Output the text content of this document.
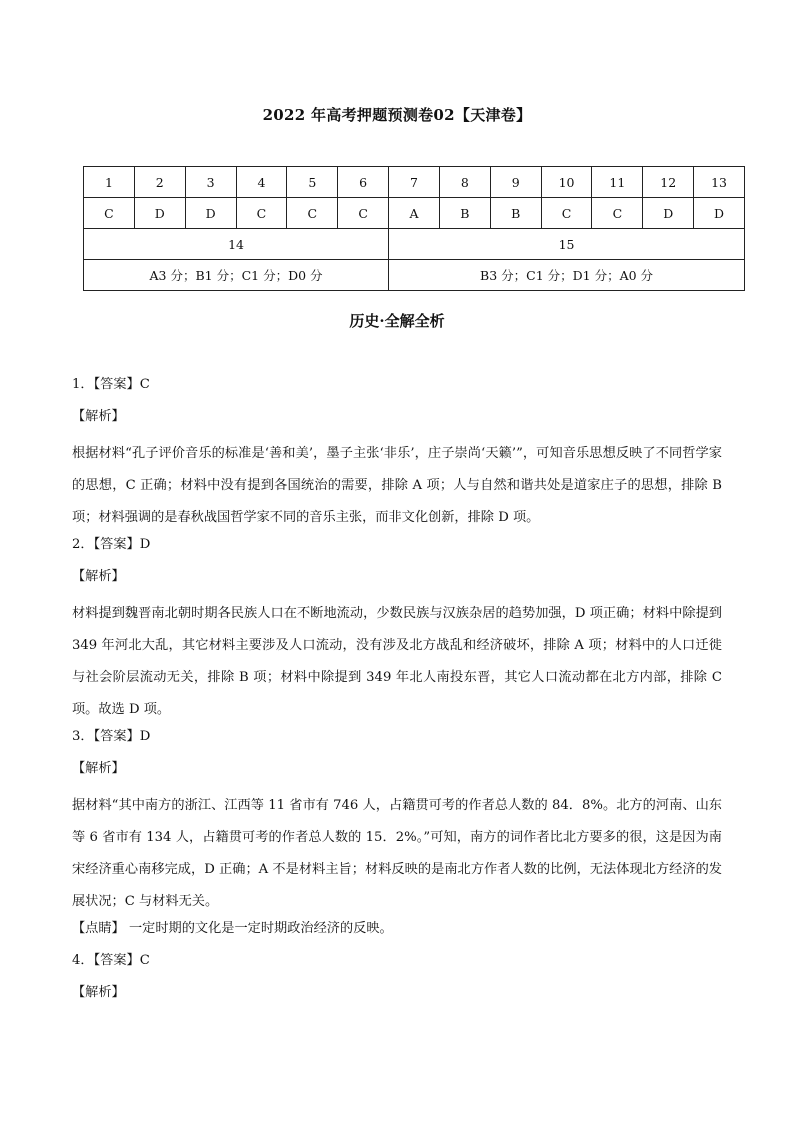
2022 年高考押题预测卷02【天津卷】
1	2	3	4	5	6	7	8	9	10	11	12	13
C	D	D	C	C	C	A	B	B	C	C	D	D
14						15						
A3 分；B1 分；C1 分；D0 分						B3 分；C1 分；D1 分；A0 分						
历史·全解全析
1．【答案】C
【解析】
根据材料“孔子评价音乐的标准是‘善和美’，墨子主张‘非乐’，庄子崇尚‘天籁’”，可知音乐思想反映了不同哲学家的思想，C 正确；材料中没有提到各国统治的需要，排除 A 项；人与自然和谐共处是道家庄子的思想，排除 B 项；材料强调的是春秋战国哲学家不同的音乐主张，而非文化创新，排除 D 项。
2．【答案】D
【解析】
材料提到魏晋南北朝时期各民族人口在不断地流动，少数民族与汉族杂居的趋势加强，D 项正确；材料中除提到 349 年河北大乱，其它材料主要涉及人口流动，没有涉及北方战乱和经济破坏，排除 A 项；材料中的人口迁徙与社会阶层流动无关，排除 B 项；材料中除提到 349 年北人南投东晋，其它人口流动都在北方内部，排除 C 项。故选 D 项。
3．【答案】D
【解析】
据材料“其中南方的浙江、江西等 11 省市有 746 人，占籍贯可考的作者总人数的 84．8%。北方的河南、山东等 6 省市有 134 人，占籍贯可考的作者总人数的 15．2%。”可知，南方的词作者比北方要多的很，这是因为南宋经济重心南移完成，D 正确；A 不是材料主旨；材料反映的是南北方作者人数的比例，无法体现北方经济的发展状况；C 与材料无关。
【点睛】 一定时期的文化是一定时期政治经济的反映。
4．【答案】C
【解析】
